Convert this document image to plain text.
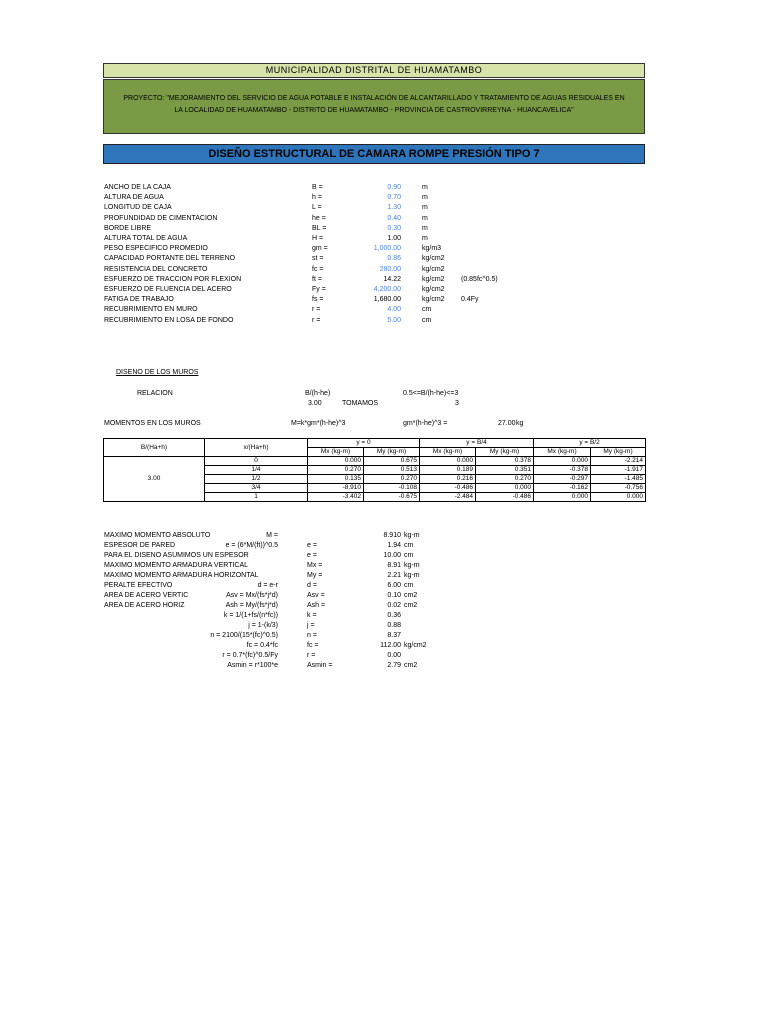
MUNICIPALIDAD DISTRITAL DE HUAMATAMBO
PROYECTO: "MEJORAMIENTO DEL SERVICIO DE AGUA POTABLE E INSTALACIÓN DE ALCANTARILLADO Y TRATAMIENTO DE AGUAS RESIDUALES EN
LA LOCALIDAD DE HUAMATAMBO - DISTRITO DE HUAMATAMBO - PROVINCIA DE CASTROVIRREYNA - HUANCAVELICA"
DISEÑO ESTRUCTURAL DE CAMARA ROMPE PRESIÓN TIPO 7
ANCHO DE LA CAJA	B =	0.90	m
ALTURA DE AGUA	h =	0.70	m
LONGITUD DE CAJA	L =	1.30	m
PROFUNDIDAD DE CIMENTACION	he =	0.40	m
BORDE LIBRE	BL =	0.30	m
ALTURA TOTAL DE AGUA	H =	1.00	m
PESO ESPECIFICO PROMEDIO	gm =	1,000.00	kg/m3
CAPACIDAD PORTANTE DEL TERRENO	st =	0.86	kg/cm2
RESISTENCIA DEL CONCRETO	fc =	280.00	kg/cm2
ESFUERZO DE TRACCION POR FLEXION	ft =	14.22	kg/cm2 (0.85fc^0.5)
ESFUERZO DE FLUENCIA DEL ACERO	Fy =	4,200.00	kg/cm2
FATIGA DE TRABAJO	fs =	1,680.00	kg/cm2 0.4Fy
RECUBRIMIENTO EN MURO	r =	4.00	cm
RECUBRIMIENTO EN LOSA DE FONDO	r =	5.00	cm
DISENO DE LOS MUROS
RELACION	B/(h-he)	0.5<=B/(h-he)<=3
3.00	TOMAMOS	3
MOMENTOS EN LOS MUROS	M=k*gm*(h-he)^3	gm*(h-he)^3 =	27.00 kg
B/(Ha+h)	x/(Ha+h)	y = 0		y = B/4		y = B/2	
		Mx (kg-m)	My (kg-m)	Mx (kg-m)	My (kg-m)	Mx (kg-m)	My (kg-m)
3.00	0	0.000	0.675	0.000	0.378	0.000	-2.214
	1/4	0.270	0.513	0.189	0.351	-0.378	-1.917
	1/2	0.135	0.270	0.216	0.270	-0.297	-1.485
	3/4	-8.910	-0.108	-0.486	0.000	-0.162	-0.756
	1	-3.402	-0.675	-2.484	-0.486	0.000	0.000
MAXIMO MOMENTO ABSOLUTO	M =	8.910 kg-m
ESPESOR DE PARED	e = (6*M/(ft))^0.5	e =	1.94 cm
PARA EL DISENO ASUMIMOS UN ESPESOR	e =	10.00 cm
MAXIMO MOMENTO ARMADURA VERTICAL	Mx =	8.91 kg-m
MAXIMO MOMENTO ARMADURA HORIZONTAL	My =	2.21 kg-m
PERALTE EFECTIVO	d = e-r	d =	6.00 cm
AREA DE ACERO VERTIC	Asv = Mx/(fs*j*d)	Asv =	0.10 cm2
AREA DE ACERO HORIZ	Ash = My/(fs*j*d)	Ash =	0.02 cm2
k = 1/(1+fs/(n*fc))	k =	0.36
j = 1-(k/3)	j =	0.88
n = 2100/(15*(fc)^0.5)	n =	8.37
fc = 0.4*fc	fc =	112.00 kg/cm2
r = 0.7*(fc)^0.5/Fy	r =	0.00
Asmin = r*100*e	Asmin =	2.79 cm2
